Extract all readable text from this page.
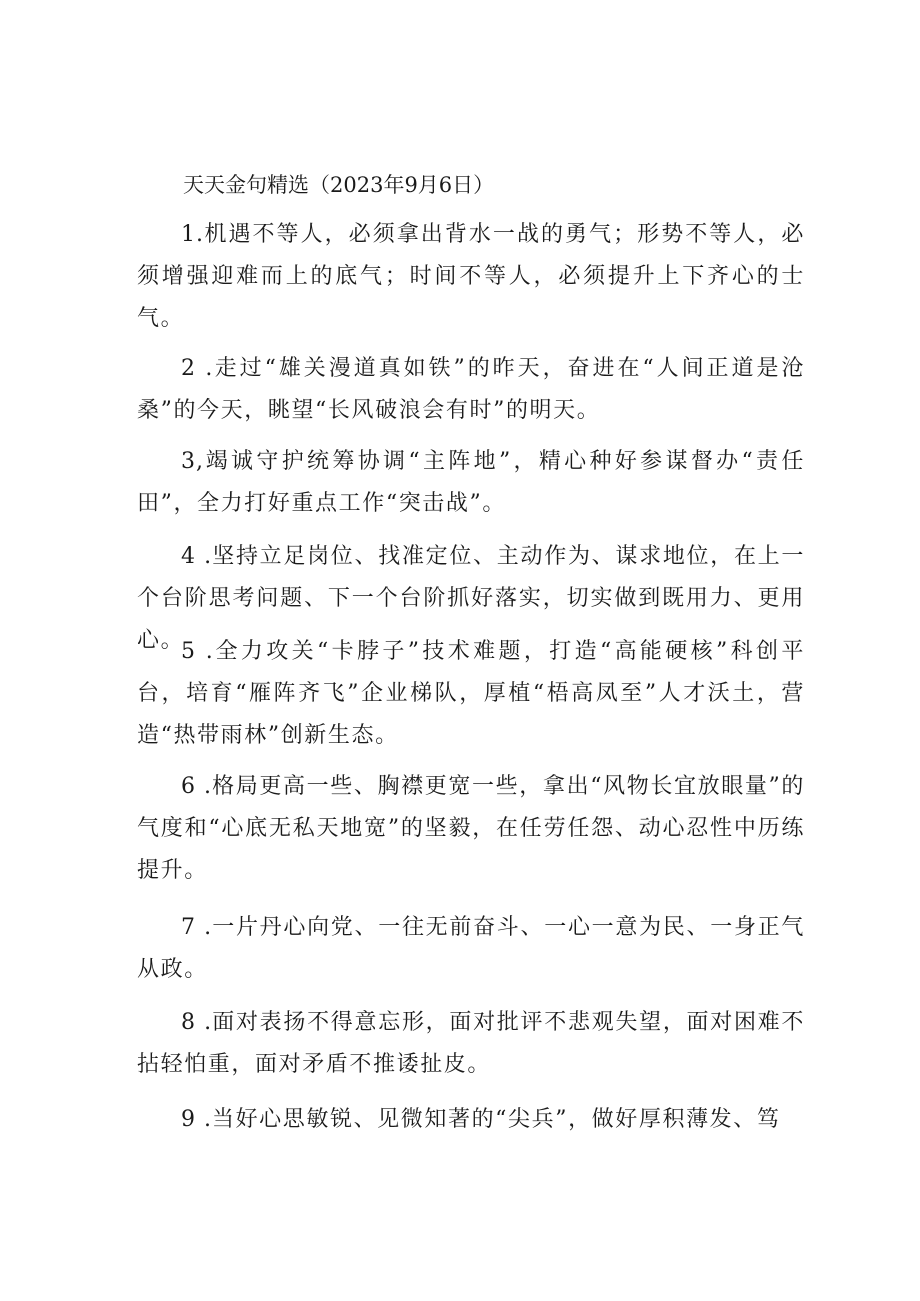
天天金句精选（2023年9月6日）

1.机遇不等人，必须拿出背水一战的勇气；形势不等人，必须增强迎难而上的底气；时间不等人，必须提升上下齐心的士气。

2 .走过“雄关漫道真如铁”的昨天，奋进在“人间正道是沧桑”的今天，眺望“长风破浪会有时”的明天。

3,竭诚守护统筹协调“主阵地”，精心种好参谋督办“责任田”，全力打好重点工作“突击战”。

4 .坚持立足岗位、找准定位、主动作为、谋求地位，在上一个台阶思考问题、下一个台阶抓好落实，切实做到既用力、更用心。

5 .全力攻关“卡脖子”技术难题，打造“高能硬核”科创平台，培育“雁阵齐飞”企业梯队，厚植“梧高凤至”人才沃土，营造“热带雨林”创新生态。

6 .格局更高一些、胸襟更宽一些，拿出“风物长宜放眼量”的气度和“心底无私天地宽”的坚毅，在任劳任怨、动心忍性中历练提升。

7 .一片丹心向党、一往无前奋斗、一心一意为民、一身正气从政。

8 .面对表扬不得意忘形，面对批评不悲观失望，面对困难不拈轻怕重，面对矛盾不推诿扯皮。

9 .当好心思敏锐、见微知著的“尖兵”，做好厚积薄发、笃
